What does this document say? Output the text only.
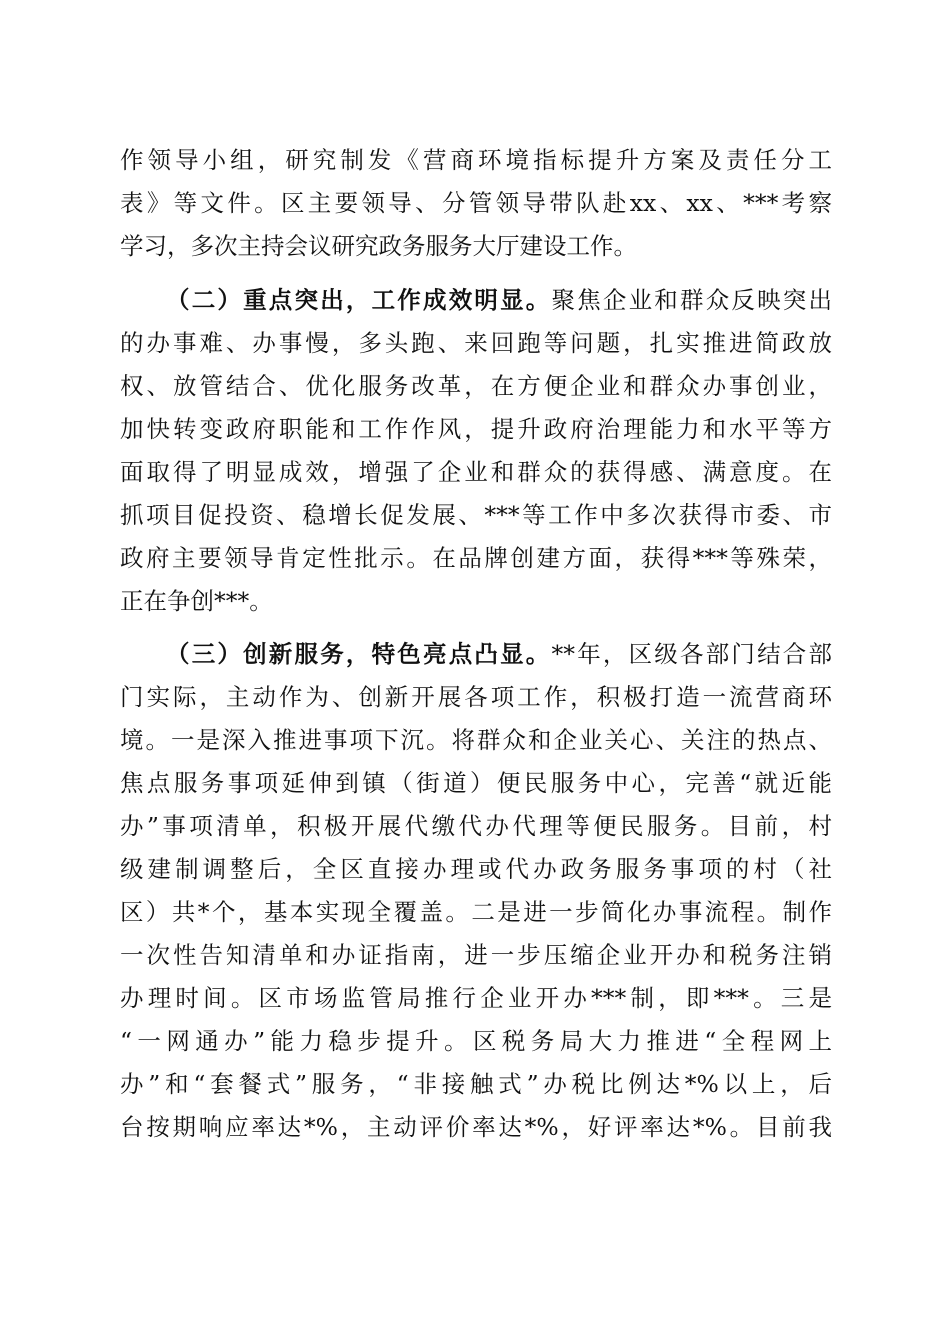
作领导小组，研究制发《营商环境指标提升方案及责任分工
表》等文件。区主要领导、分管领导带队赴xx、xx、***考察
学习，多次主持会议研究政务服务大厅建设工作。
（二）重点突出，工作成效明显。聚焦企业和群众反映突出
的办事难、办事慢，多头跑、来回跑等问题，扎实推进简政放
权、放管结合、优化服务改革，在方便企业和群众办事创业，
加快转变政府职能和工作作风，提升政府治理能力和水平等方
面取得了明显成效，增强了企业和群众的获得感、满意度。在
抓项目促投资、稳增长促发展、***等工作中多次获得市委、市
政府主要领导肯定性批示。在品牌创建方面，获得***等殊荣，
正在争创***。
（三）创新服务，特色亮点凸显。**年，区级各部门结合部
门实际，主动作为、创新开展各项工作，积极打造一流营商环
境。一是深入推进事项下沉。将群众和企业关心、关注的热点、
焦点服务事项延伸到镇（街道）便民服务中心，完善“就近能
办”事项清单，积极开展代缴代办代理等便民服务。目前，村
级建制调整后，全区直接办理或代办政务服务事项的村（社
区）共*个，基本实现全覆盖。二是进一步简化办事流程。制作
一次性告知清单和办证指南，进一步压缩企业开办和税务注销
办理时间。区市场监管局推行企业开办***制，即***。三是
“一网通办”能力稳步提升。区税务局大力推进“全程网上
办”和“套餐式”服务，“非接触式”办税比例达*%以上，后
台按期响应率达*%，主动评价率达*%，好评率达*%。目前我
